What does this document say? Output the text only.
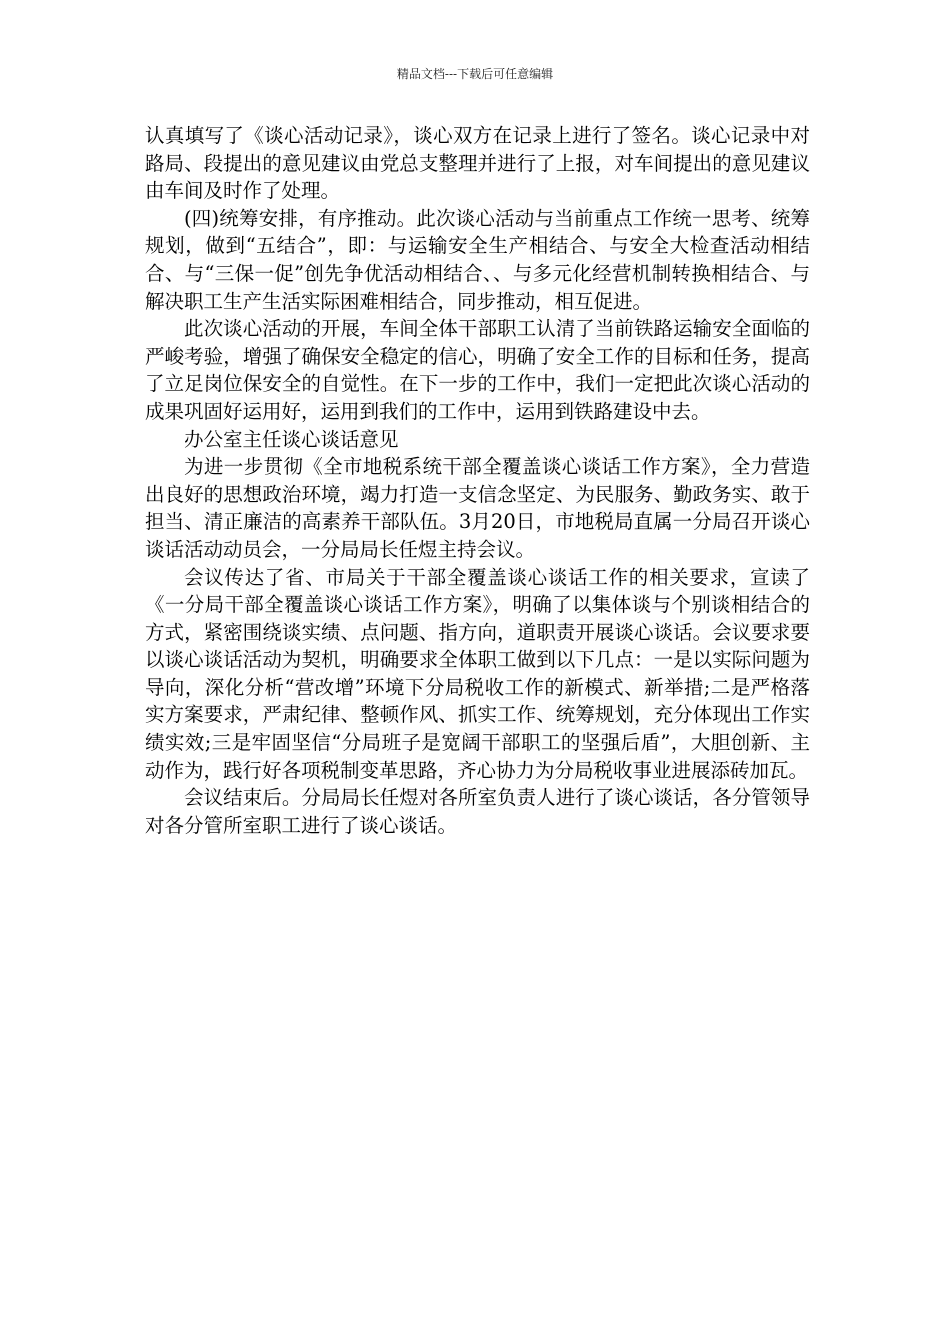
精品文档---下载后可任意编辑

认真填写了《谈心活动记录》，谈心双方在记录上进行了签名。谈心记录中对路局、段提出的意见建议由党总支整理并进行了上报，对车间提出的意见建议由车间及时作了处理。

(四)统筹安排，有序推动。此次谈心活动与当前重点工作统一思考、统筹规划，做到“五结合”，即：与运输安全生产相结合、与安全大检查活动相结合、与“三保一促”创先争优活动相结合、、与多元化经营机制转换相结合、与解决职工生产生活实际困难相结合，同步推动，相互促进。

此次谈心活动的开展，车间全体干部职工认清了当前铁路运输安全面临的严峻考验，增强了确保安全稳定的信心，明确了安全工作的目标和任务，提高了立足岗位保安全的自觉性。在下一步的工作中，我们一定把此次谈心活动的成果巩固好运用好，运用到我们的工作中，运用到铁路建设中去。

办公室主任谈心谈话意见

为进一步贯彻《全市地税系统干部全覆盖谈心谈话工作方案》，全力营造出良好的思想政治环境，竭力打造一支信念坚定、为民服务、勤政务实、敢于担当、清正廉洁的高素养干部队伍。3月20日，市地税局直属一分局召开谈心谈话活动动员会，一分局局长任煜主持会议。

会议传达了省、市局关于干部全覆盖谈心谈话工作的相关要求，宣读了《一分局干部全覆盖谈心谈话工作方案》，明确了以集体谈与个别谈相结合的方式，紧密围绕谈实绩、点问题、指方向，道职责开展谈心谈话。会议要求要以谈心谈话活动为契机，明确要求全体职工做到以下几点：一是以实际问题为导向，深化分析“营改增”环境下分局税收工作的新模式、新举措;二是严格落实方案要求，严肃纪律、整顿作风、抓实工作、统筹规划，充分体现出工作实绩实效;三是牢固坚信“分局班子是宽阔干部职工的坚强后盾”，大胆创新、主动作为，践行好各项税制变革思路，齐心协力为分局税收事业进展添砖加瓦。

会议结束后。分局局长任煜对各所室负责人进行了谈心谈话，各分管领导对各分管所室职工进行了谈心谈话。
